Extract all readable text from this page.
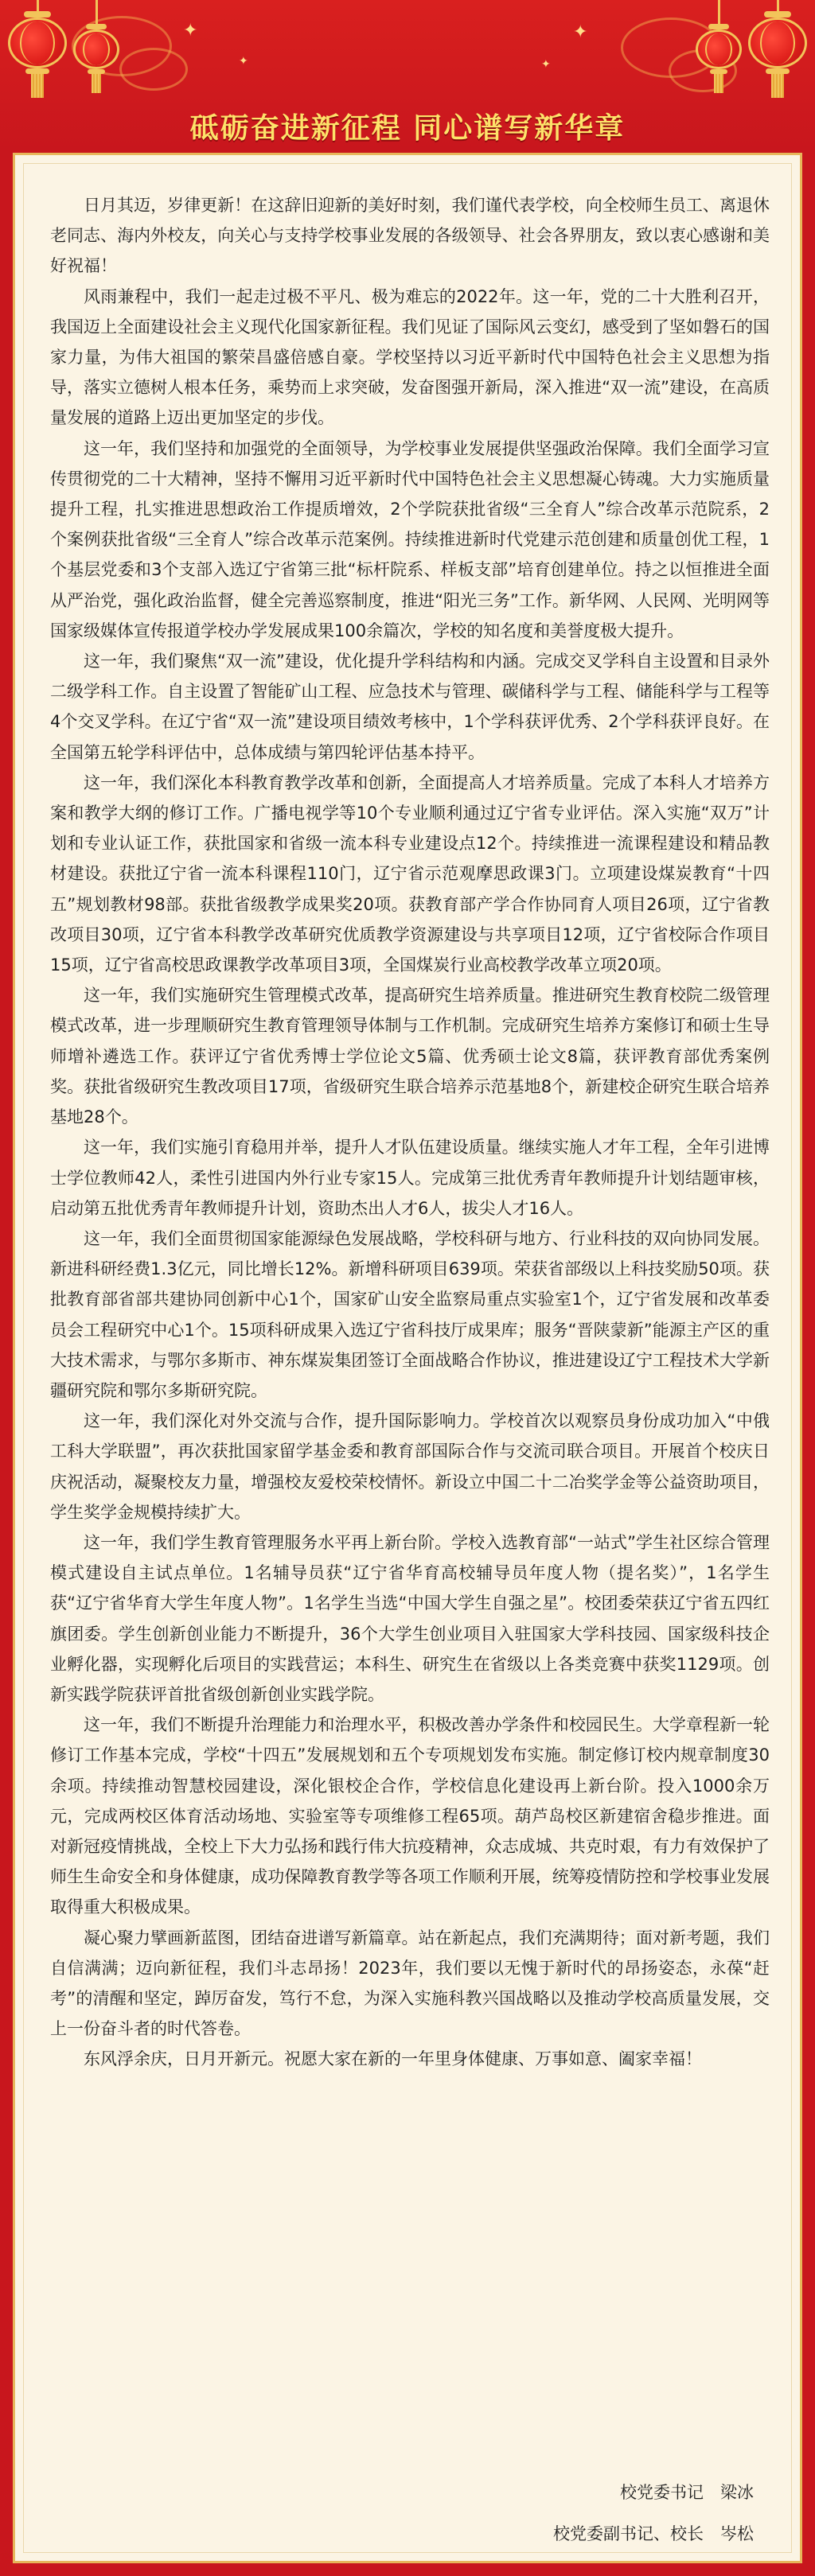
✦
✦
✦
✦
砥砺奋进新征程 同心谱写新华章

日月其迈，岁律更新！在这辞旧迎新的美好时刻，我们谨代表学校，向全校师生员工、离退休老同志、海内外校友，向关心与支持学校事业发展的各级领导、社会各界朋友，致以衷心感谢和美好祝福！

风雨兼程中，我们一起走过极不平凡、极为难忘的2022年。这一年，党的二十大胜利召开，我国迈上全面建设社会主义现代化国家新征程。我们见证了国际风云变幻，感受到了坚如磐石的国家力量，为伟大祖国的繁荣昌盛倍感自豪。学校坚持以习近平新时代中国特色社会主义思想为指导，落实立德树人根本任务，乘势而上求突破，发奋图强开新局，深入推进“双一流”建设，在高质量发展的道路上迈出更加坚定的步伐。

这一年，我们坚持和加强党的全面领导，为学校事业发展提供坚强政治保障。我们全面学习宣传贯彻党的二十大精神，坚持不懈用习近平新时代中国特色社会主义思想凝心铸魂。大力实施质量提升工程，扎实推进思想政治工作提质增效，2个学院获批省级“三全育人”综合改革示范院系，2个案例获批省级“三全育人”综合改革示范案例。持续推进新时代党建示范创建和质量创优工程，1个基层党委和3个支部入选辽宁省第三批“标杆院系、样板支部”培育创建单位。持之以恒推进全面从严治党，强化政治监督，健全完善巡察制度，推进“阳光三务”工作。新华网、人民网、光明网等国家级媒体宣传报道学校办学发展成果100余篇次，学校的知名度和美誉度极大提升。

这一年，我们聚焦“双一流”建设，优化提升学科结构和内涵。完成交叉学科自主设置和目录外二级学科工作。自主设置了智能矿山工程、应急技术与管理、碳储科学与工程、储能科学与工程等4个交叉学科。在辽宁省“双一流”建设项目绩效考核中，1个学科获评优秀、2个学科获评良好。在全国第五轮学科评估中，总体成绩与第四轮评估基本持平。

这一年，我们深化本科教育教学改革和创新，全面提高人才培养质量。完成了本科人才培养方案和教学大纲的修订工作。广播电视学等10个专业顺利通过辽宁省专业评估。深入实施“双万”计划和专业认证工作，获批国家和省级一流本科专业建设点12个。持续推进一流课程建设和精品教材建设。获批辽宁省一流本科课程110门，辽宁省示范观摩思政课3门。立项建设煤炭教育“十四五”规划教材98部。获批省级教学成果奖20项。获教育部产学合作协同育人项目26项，辽宁省教改项目30项，辽宁省本科教学改革研究优质教学资源建设与共享项目12项，辽宁省校际合作项目15项，辽宁省高校思政课教学改革项目3项，全国煤炭行业高校教学改革立项20项。

这一年，我们实施研究生管理模式改革，提高研究生培养质量。推进研究生教育校院二级管理模式改革，进一步理顺研究生教育管理领导体制与工作机制。完成研究生培养方案修订和硕士生导师增补遴选工作。获评辽宁省优秀博士学位论文5篇、优秀硕士论文8篇，获评教育部优秀案例奖。获批省级研究生教改项目17项，省级研究生联合培养示范基地8个，新建校企研究生联合培养基地28个。

这一年，我们实施引育稳用并举，提升人才队伍建设质量。继续实施人才年工程，全年引进博士学位教师42人，柔性引进国内外行业专家15人。完成第三批优秀青年教师提升计划结题审核，启动第五批优秀青年教师提升计划，资助杰出人才6人，拔尖人才16人。

这一年，我们全面贯彻国家能源绿色发展战略，学校科研与地方、行业科技的双向协同发展。新进科研经费1.3亿元，同比增长12%。新增科研项目639项。荣获省部级以上科技奖励50项。获批教育部省部共建协同创新中心1个，国家矿山安全监察局重点实验室1个，辽宁省发展和改革委员会工程研究中心1个。15项科研成果入选辽宁省科技厅成果库；服务“晋陕蒙新”能源主产区的重大技术需求，与鄂尔多斯市、神东煤炭集团签订全面战略合作协议，推进建设辽宁工程技术大学新疆研究院和鄂尔多斯研究院。

这一年，我们深化对外交流与合作，提升国际影响力。学校首次以观察员身份成功加入“中俄工科大学联盟”，再次获批国家留学基金委和教育部国际合作与交流司联合项目。开展首个校庆日庆祝活动，凝聚校友力量，增强校友爱校荣校情怀。新设立中国二十二冶奖学金等公益资助项目，学生奖学金规模持续扩大。

这一年，我们学生教育管理服务水平再上新台阶。学校入选教育部“一站式”学生社区综合管理模式建设自主试点单位。1名辅导员获“辽宁省华育高校辅导员年度人物（提名奖）”，1名学生获“辽宁省华育大学生年度人物”。1名学生当选“中国大学生自强之星”。校团委荣获辽宁省五四红旗团委。学生创新创业能力不断提升，36个大学生创业项目入驻国家大学科技园、国家级科技企业孵化器，实现孵化后项目的实践营运；本科生、研究生在省级以上各类竞赛中获奖1129项。创新实践学院获评首批省级创新创业实践学院。

这一年，我们不断提升治理能力和治理水平，积极改善办学条件和校园民生。大学章程新一轮修订工作基本完成，学校“十四五”发展规划和五个专项规划发布实施。制定修订校内规章制度30余项。持续推动智慧校园建设，深化银校企合作，学校信息化建设再上新台阶。投入1000余万元，完成两校区体育活动场地、实验室等专项维修工程65项。葫芦岛校区新建宿舍稳步推进。面对新冠疫情挑战，全校上下大力弘扬和践行伟大抗疫精神，众志成城、共克时艰，有力有效保护了师生生命安全和身体健康，成功保障教育教学等各项工作顺利开展，统筹疫情防控和学校事业发展取得重大积极成果。

凝心聚力擘画新蓝图，团结奋进谱写新篇章。站在新起点，我们充满期待；面对新考题，我们自信满满；迈向新征程，我们斗志昂扬！2023年，我们要以无愧于新时代的昂扬姿态，永葆“赶考”的清醒和坚定，踔厉奋发，笃行不怠，为深入实施科教兴国战略以及推动学校高质量发展，交上一份奋斗者的时代答卷。

东风浮余庆，日月开新元。祝愿大家在新的一年里身体健康、万事如意、阖家幸福！

校党委书记　梁冰
校党委副书记、校长　岑松
